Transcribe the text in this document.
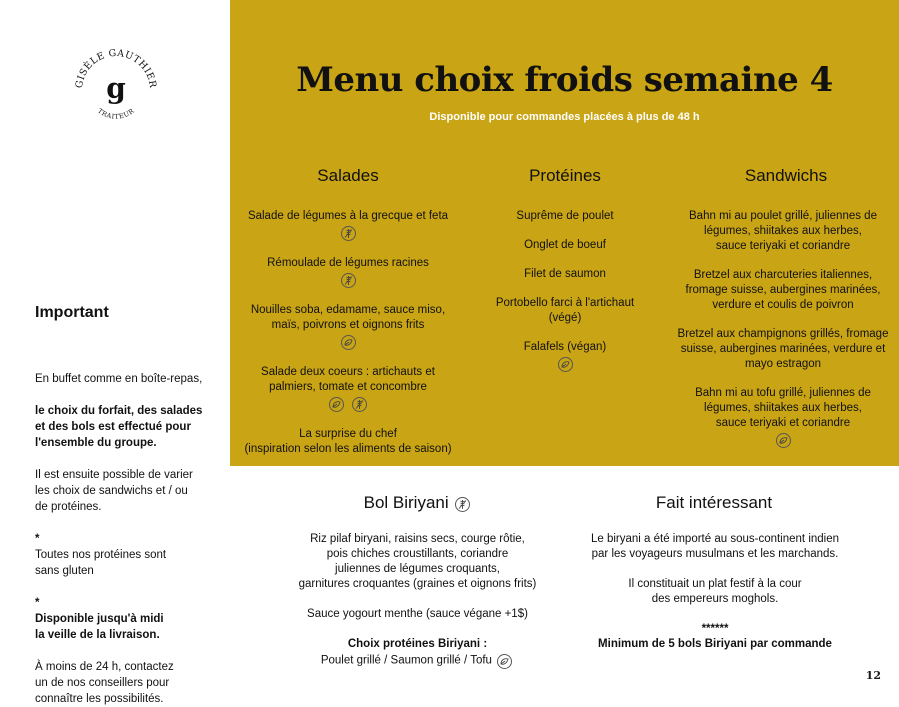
GISÈLE GAUTHIER
g
TRAITEUR
Menu choix froids semaine 4
Disponible pour commandes placées à plus de 48 h
Salades
Salade de légumes à la grecque et feta
Rémoulade de légumes racines
Nouilles soba, edamame, sauce miso,
maïs, poivrons et oignons frits
Salade deux coeurs : artichauts et
palmiers, tomate et concombre

La surprise du chef
(inspiration selon les aliments de saison)
Protéines
Suprême de poulet
Onglet de boeuf
Filet de saumon
Portobello farci à l'artichaut
(végé)
Falafels (végan)
Sandwichs
Bahn mi au poulet grillé, juliennes de
légumes, shiitakes aux herbes,
sauce teriyaki et coriandre
Bretzel aux charcuteries italiennes,
fromage suisse, aubergines marinées,
verdure et coulis de poivron
Bretzel aux champignons grillés, fromage
suisse, aubergines marinées, verdure et
mayo estragon
Bahn mi au tofu grillé, juliennes de
légumes, shiitakes aux herbes,
sauce teriyaki et coriandre
Important

En buffet comme en boîte-repas,

le choix du forfait, des salades
et des bols est effectué pour
l'ensemble du groupe.

Il est ensuite possible de varier
les choix de sandwichs et / ou
de protéines.
*
Toutes nos protéines sont
sans gluten
*
Disponible jusqu'à midi
la veille de la livraison.
À moins de 24 h, contactez
un de nos conseillers pour
connaître les possibilités.
Bol Biriyani
Riz pilaf biryani, raisins secs, courge rôtie,
pois chiches croustillants, coriandre
juliennes de légumes croquants,
garnitures croquantes (graines et oignons frits)
Sauce yogourt menthe (sauce végane +1$)
Choix protéines Biriyani :
Poulet grillé / Saumon grillé / Tofu
Fait intéressant
Le biryani a été importé au sous-continent indien
par les voyageurs musulmans et les marchands.
Il constituait un plat festif à la cour
des empereurs moghols.
******
Minimum de 5 bols Biriyani par commande
12
